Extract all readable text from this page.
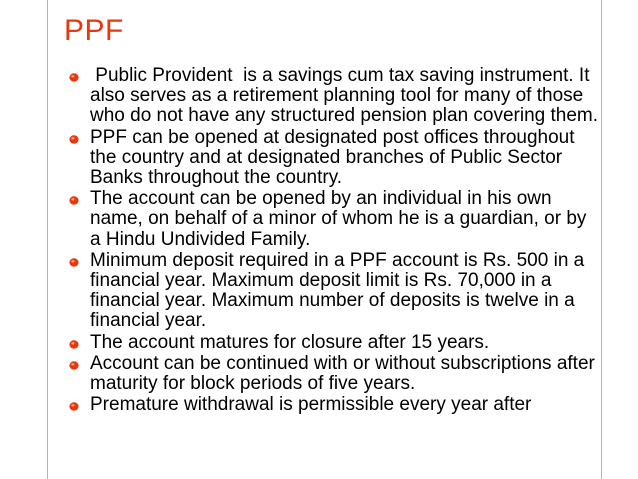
PPF
Public Provident  is a savings cum tax saving instrument. It also serves as a retirement planning tool for many of those who do not have any structured pension plan covering them.
PPF can be opened at designated post offices throughout the country and at designated branches of Public Sector Banks throughout the country.
The account can be opened by an individual in his own name, on behalf of a minor of whom he is a guardian, or by a Hindu Undivided Family.
Minimum deposit required in a PPF account is Rs. 500 in a financial year. Maximum deposit limit is Rs. 70,000 in a financial year. Maximum number of deposits is twelve in a financial year.
The account matures for closure after 15 years.
Account can be continued with or without subscriptions after maturity for block periods of five years.
Premature withdrawal is permissible every year after
